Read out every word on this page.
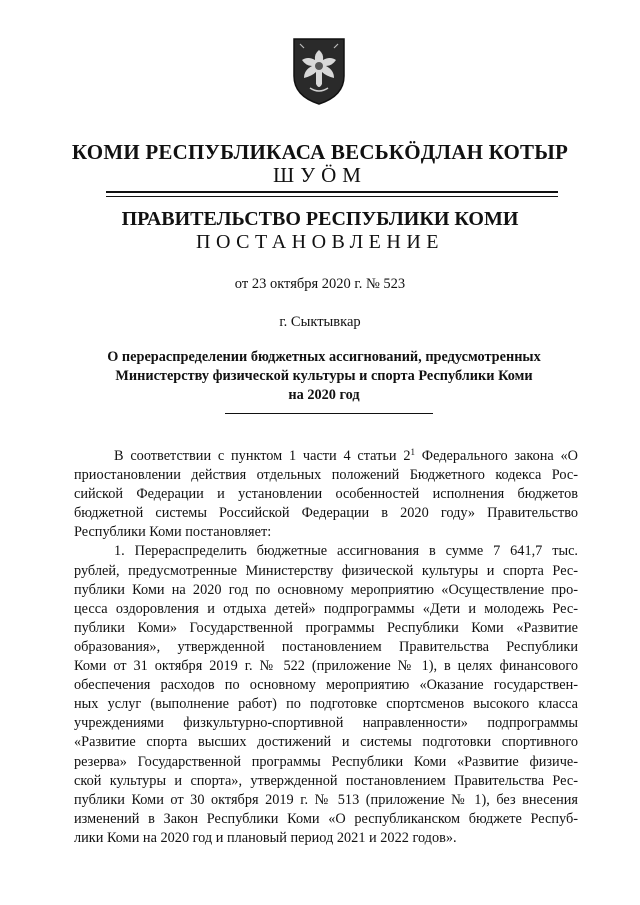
КОМИ РЕСПУБЛИКАСА ВЕСЬКӦДЛАН КОТЫР
ШУӦМ
ПРАВИТЕЛЬСТВО РЕСПУБЛИКИ КОМИ
ПОСТАНОВЛЕНИЕ
от 23 октября 2020 г. № 523
г. Сыктывкар
О перераспределении бюджетных ассигнований, предусмотренных
Министерству физической культуры и спорта Республики Коми
на 2020 год
В соответствии с пунктом 1 части 4 статьи $2^1$ Федерального закона «О
приостановлении действия отдельных положений Бюджетного кодекса Рос-
сийской Федерации и установлении особенностей исполнения бюджетов
бюджетной системы Российской Федерации в 2020 году» Правительство
Республики Коми постановляет:
1. Перераспределить бюджетные ассигнования в сумме 7 641,7 тыс.
рублей, предусмотренные Министерству физической культуры и спорта Рес-
публики Коми на 2020 год по основному мероприятию «Осуществление про-
цесса оздоровления и отдыха детей» подпрограммы «Дети и молодежь Рес-
публики Коми» Государственной программы Республики Коми «Развитие
образования», утвержденной постановлением Правительства Республики
Коми от 31 октября 2019 г. № 522 (приложение № 1), в целях финансового
обеспечения расходов по основному мероприятию «Оказание государствен-
ных услуг (выполнение работ) по подготовке спортсменов высокого класса
учреждениями физкультурно-спортивной направленности» подпрограммы
«Развитие спорта высших достижений и системы подготовки спортивного
резерва» Государственной программы Республики Коми «Развитие физиче-
ской культуры и спорта», утвержденной постановлением Правительства Рес-
публики Коми от 30 октября 2019 г. № 513 (приложение № 1), без внесения
изменений в Закон Республики Коми «О республиканском бюджете Респуб-
лики Коми на 2020 год и плановый период 2021 и 2022 годов».
